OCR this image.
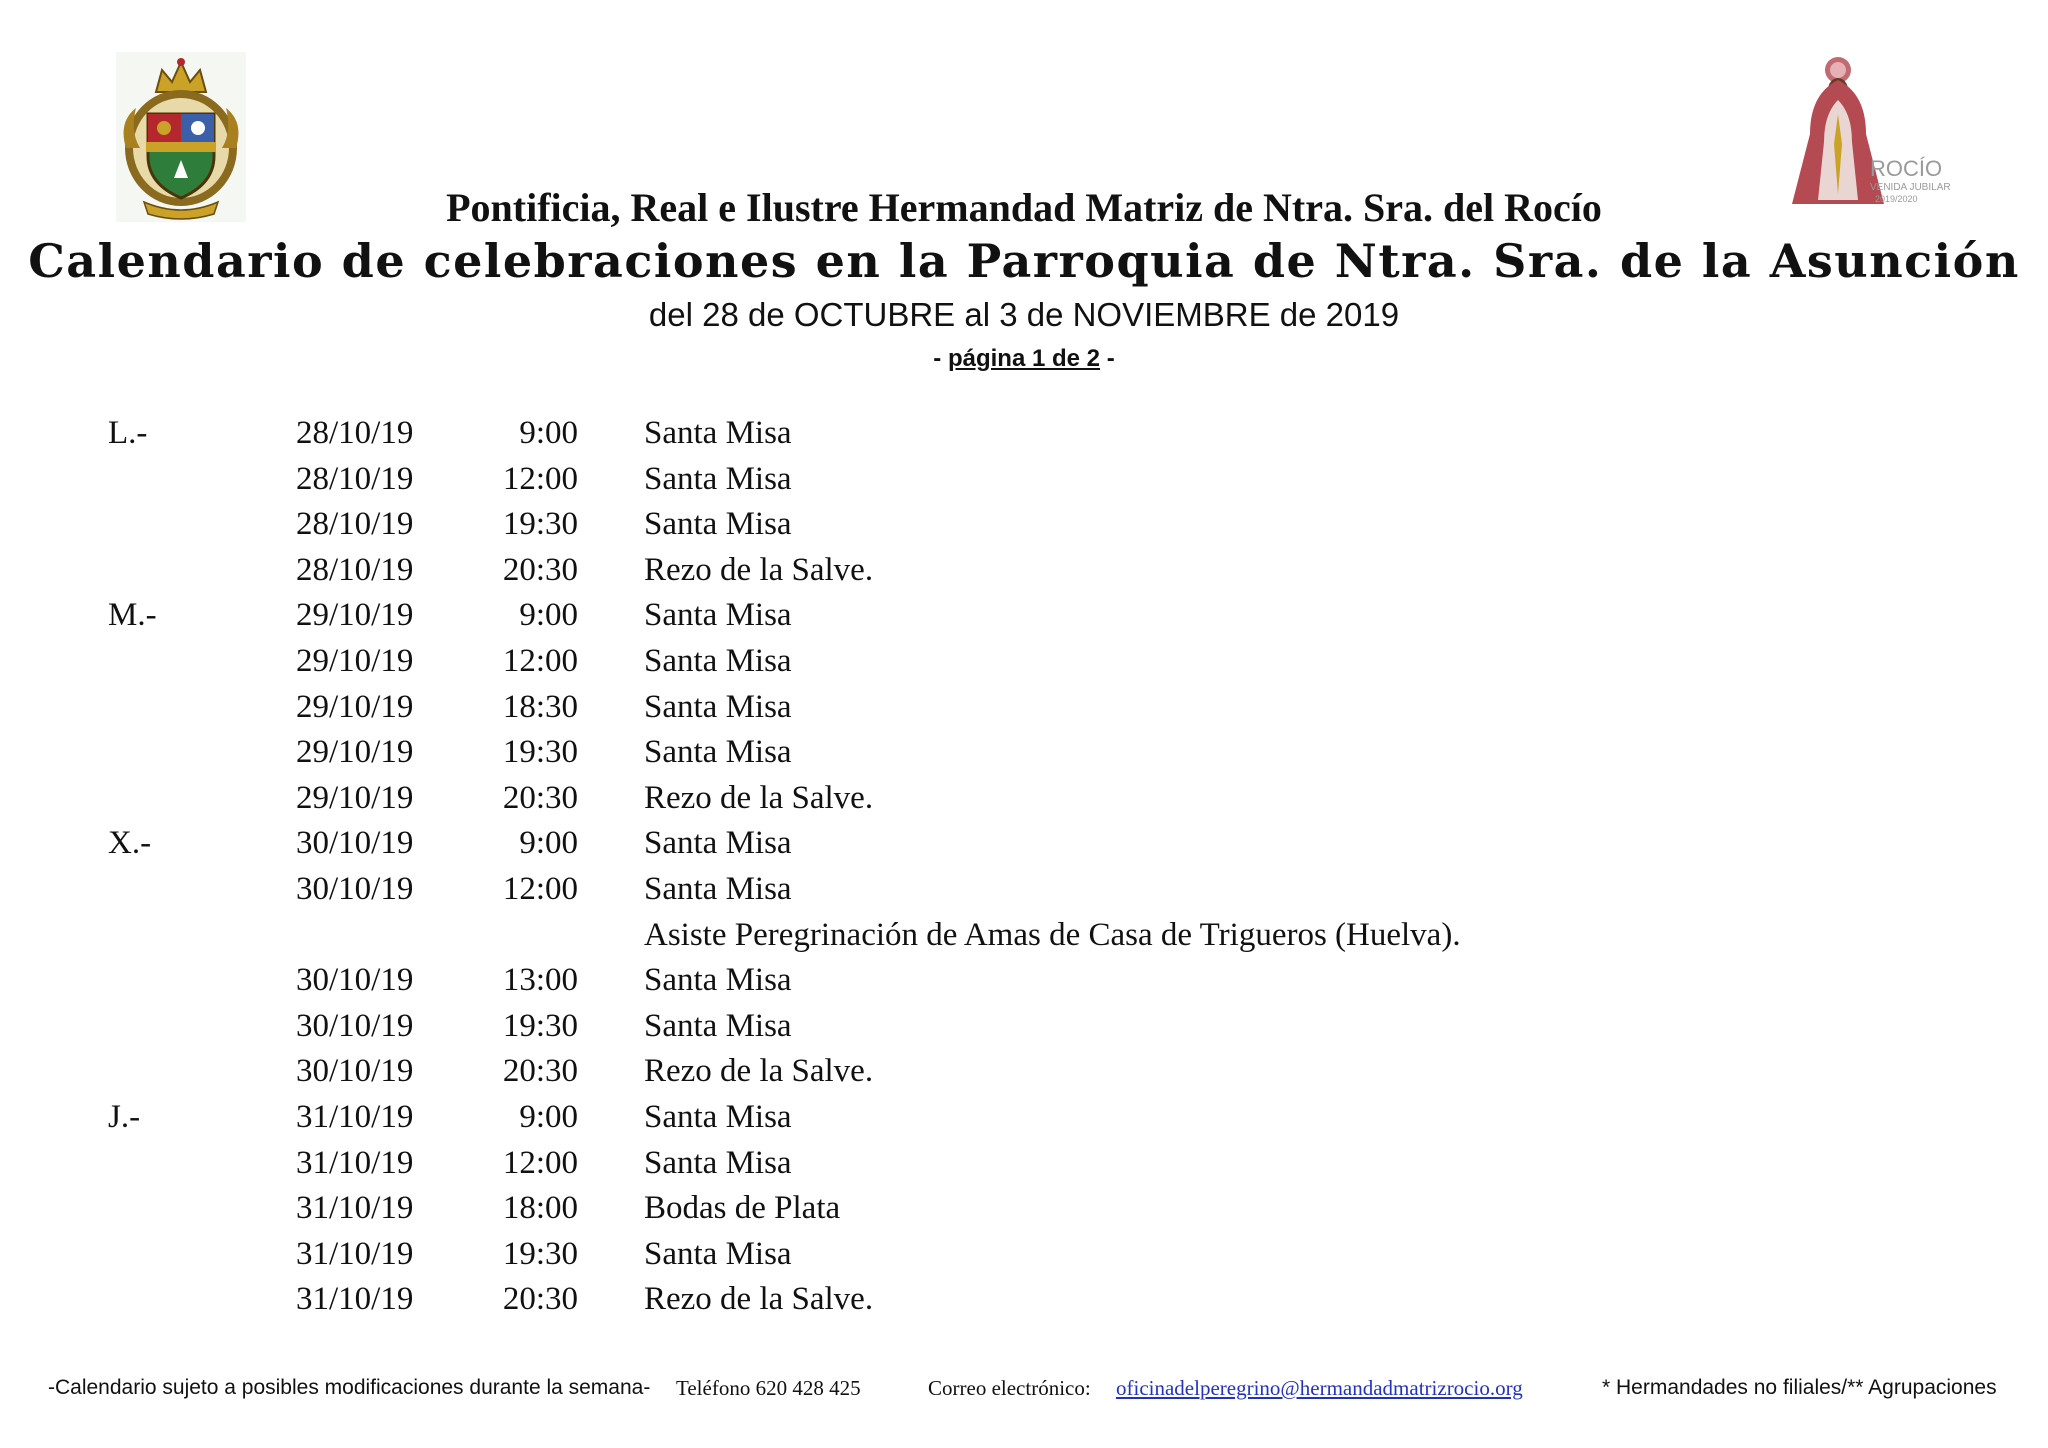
ROCÍO
VENIDA JUBILAR
2019/2020
Pontificia, Real e Ilustre Hermandad Matriz de Ntra. Sra. del Rocío
Calendario de celebraciones en la Parroquia de Ntra. Sra. de la Asunción
del 28 de OCTUBRE al 3 de NOVIEMBRE de 2019
- página 1 de 2 -
L.-	28/10/19	9:00 Santa Misa
28/10/19	12:00 Santa Misa
28/10/19	19:30 Santa Misa
28/10/19	20:30 Rezo de la Salve.
M.-	29/10/19	9:00 Santa Misa
29/10/19	12:00 Santa Misa
29/10/19	18:30 Santa Misa
29/10/19	19:30 Santa Misa
29/10/19	20:30 Rezo de la Salve.
X.-	30/10/19	9:00 Santa Misa
30/10/19	12:00 Santa Misa
Asiste Peregrinación de Amas de Casa de Trigueros (Huelva).
30/10/19	13:00 Santa Misa
30/10/19	19:30 Santa Misa
30/10/19	20:30 Rezo de la Salve.
J.-	31/10/19	9:00 Santa Misa
31/10/19	12:00 Santa Misa
31/10/19	18:00 Bodas de Plata
31/10/19	19:30 Santa Misa
31/10/19	20:30 Rezo de la Salve.
-Calendario sujeto a posibles modificaciones durante la semana- Teléfono 620 428 425	Correo electrónico: oficinadelperegrino@hermandadmatrizrocio.org	* Hermandades no filiales/** Agrupaciones
